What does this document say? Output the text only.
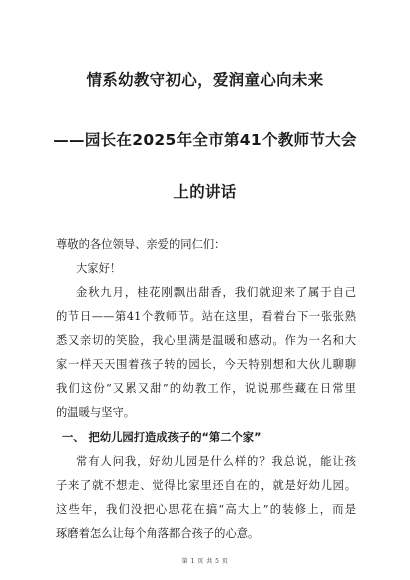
情系幼教守初心，爱润童心向未来
——园长在2025年全市第41个教师节大会
上的讲话
尊敬的各位领导、亲爱的同仁们：
大家好！
金秋九月，桂花刚飘出甜香，我们就迎来了属于自己
的节日——第41个教师节。站在这里，看着台下一张张熟
悉又亲切的笑脸，我心里满是温暖和感动。作为一名和大
家一样天天围着孩子转的园长，今天特别想和大伙儿聊聊
我们这份“又累又甜”的幼教工作，说说那些藏在日常里
的温暖与坚守。
一、 把幼儿园打造成孩子的“第二个家”
常有人问我，好幼儿园是什么样的？我总说，能让孩
子来了就不想走、觉得比家里还自在的，就是好幼儿园。
这些年，我们没把心思花在搞“高大上”的装修上，而是
琢磨着怎么让每个角落都合孩子的心意。
第 1 页 共 5 页
